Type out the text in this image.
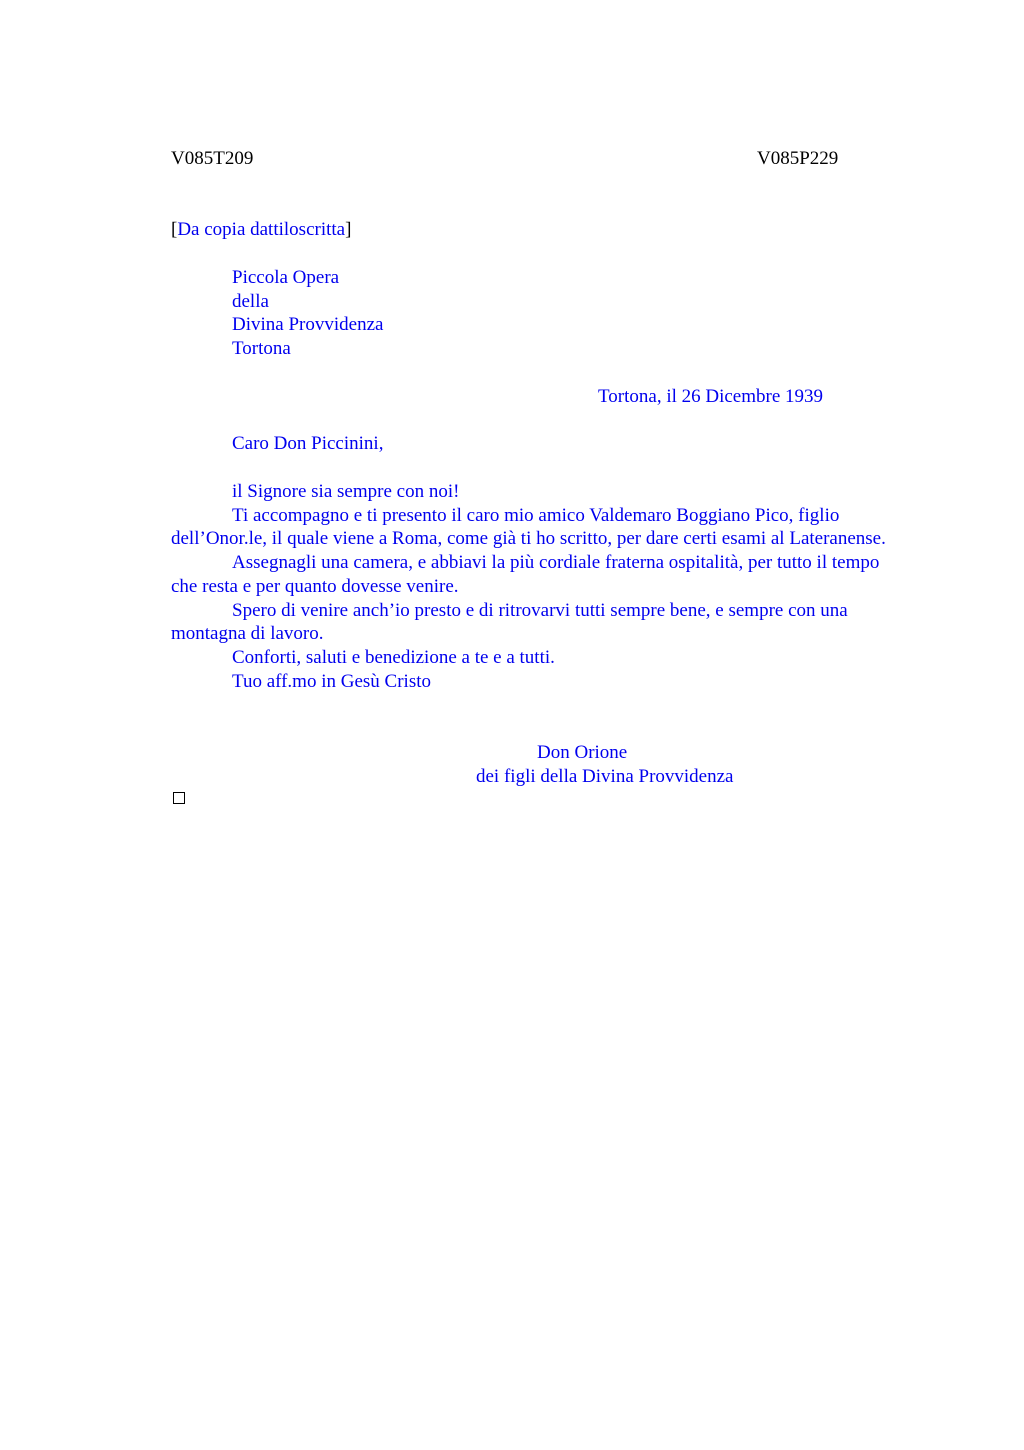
V085T209	V085P229
[Da copia dattiloscritta]
Piccola Opera
della
Divina Provvidenza
Tortona
Tortona, il 26 Dicembre 1939
Caro Don Piccinini,

il Signore sia sempre con noi!

Ti accompagno e ti presento il caro mio amico Valdemaro Boggiano Pico, figlio dell’Onor.le, il quale viene a Roma, come già ti ho scritto, per dare certi esami al Lateranense.

Assegnagli una camera, e abbiavi la più cordiale fraterna ospitalità, per tutto il tempo che resta e per quanto dovesse venire.

Spero di venire anch’io presto e di ritrovarvi tutti sempre bene, e sempre con una montagna di lavoro.

Conforti, saluti e benedizione a te e a tutti.

Tuo aff.mo in Gesù Cristo

Don Orione
dei figli della Divina Provvidenza
